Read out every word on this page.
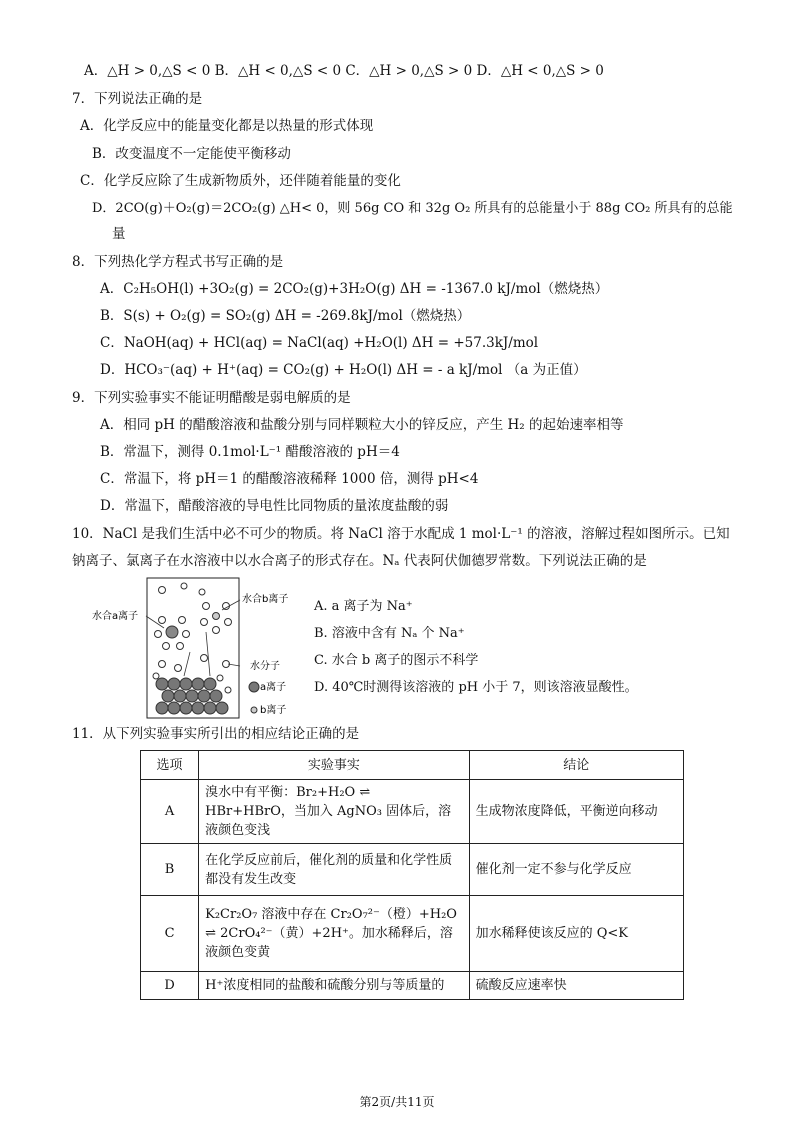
A．△H > 0,△S < 0 B．△H < 0,△S < 0 C．△H > 0,△S > 0 D．△H < 0,△S > 0
7．下列说法正确的是
A．化学反应中的能量变化都是以热量的形式体现
B．改变温度不一定能使平衡移动
C．化学反应除了生成新物质外，还伴随着能量的变化
D．2CO(g)＋O₂(g)＝2CO₂(g) △H< 0，则 56g CO 和 32g O₂ 所具有的总能量小于 88g CO₂ 所具有的总能
量
8．下列热化学方程式书写正确的是
A．C₂H₅OH(l) +3O₂(g) = 2CO₂(g)+3H₂O(g) ΔH = -1367.0 kJ/mol（燃烧热）
B．S(s) + O₂(g) = SO₂(g) ΔH = -269.8kJ/mol（燃烧热）
C．NaOH(aq) + HCl(aq) = NaCl(aq) +H₂O(l) ΔH = +57.3kJ/mol
D．HCO₃⁻(aq) + H⁺(aq) = CO₂(g) + H₂O(l) ΔH = - a kJ/mol （a 为正值）
9．下列实验事实不能证明醋酸是弱电解质的是
A．相同 pH 的醋酸溶液和盐酸分别与同样颗粒大小的锌反应，产生 H₂ 的起始速率相等
B．常温下，测得 0.1mol·L⁻¹ 醋酸溶液的 pH＝4
C．常温下，将 pH＝1 的醋酸溶液稀释 1000 倍，测得 pH<4
D．常温下，醋酸溶液的导电性比同物质的量浓度盐酸的弱
10．NaCl 是我们生活中必不可少的物质。将 NaCl 溶于水配成 1 mol·L⁻¹ 的溶液，溶解过程如图所示。已知
钠离子、氯离子在水溶液中以水合离子的形式存在。Nₐ 代表阿伏伽德罗常数。下列说法正确的是
水合a离子
水合b离子
水分子
a离子
b离子
A. a 离子为 Na⁺
B. 溶液中含有 Nₐ 个 Na⁺
C. 水合 b 离子的图示不科学
D. 40℃时测得该溶液的 pH 小于 7，则该溶液显酸性。
11．从下列实验事实所引出的相应结论正确的是
选项	实验事实	结论
A	溴水中有平衡：Br₂+H₂O ⇌ HBr+HBrO，当加入 AgNO₃ 固体后，溶液颜色变浅	生成物浓度降低，平衡逆向移动
B	在化学反应前后，催化剂的质量和化学性质都没有发生改变	催化剂一定不参与化学反应
C	K₂Cr₂O₇ 溶液中存在 Cr₂O₇²⁻（橙）+H₂O ⇌ 2CrO₄²⁻（黄）+2H⁺。加水稀释后，溶液颜色变黄	加水稀释使该反应的 Q<K
D	H⁺浓度相同的盐酸和硫酸分别与等质量的	硫酸反应速率快
第2页/共11页
